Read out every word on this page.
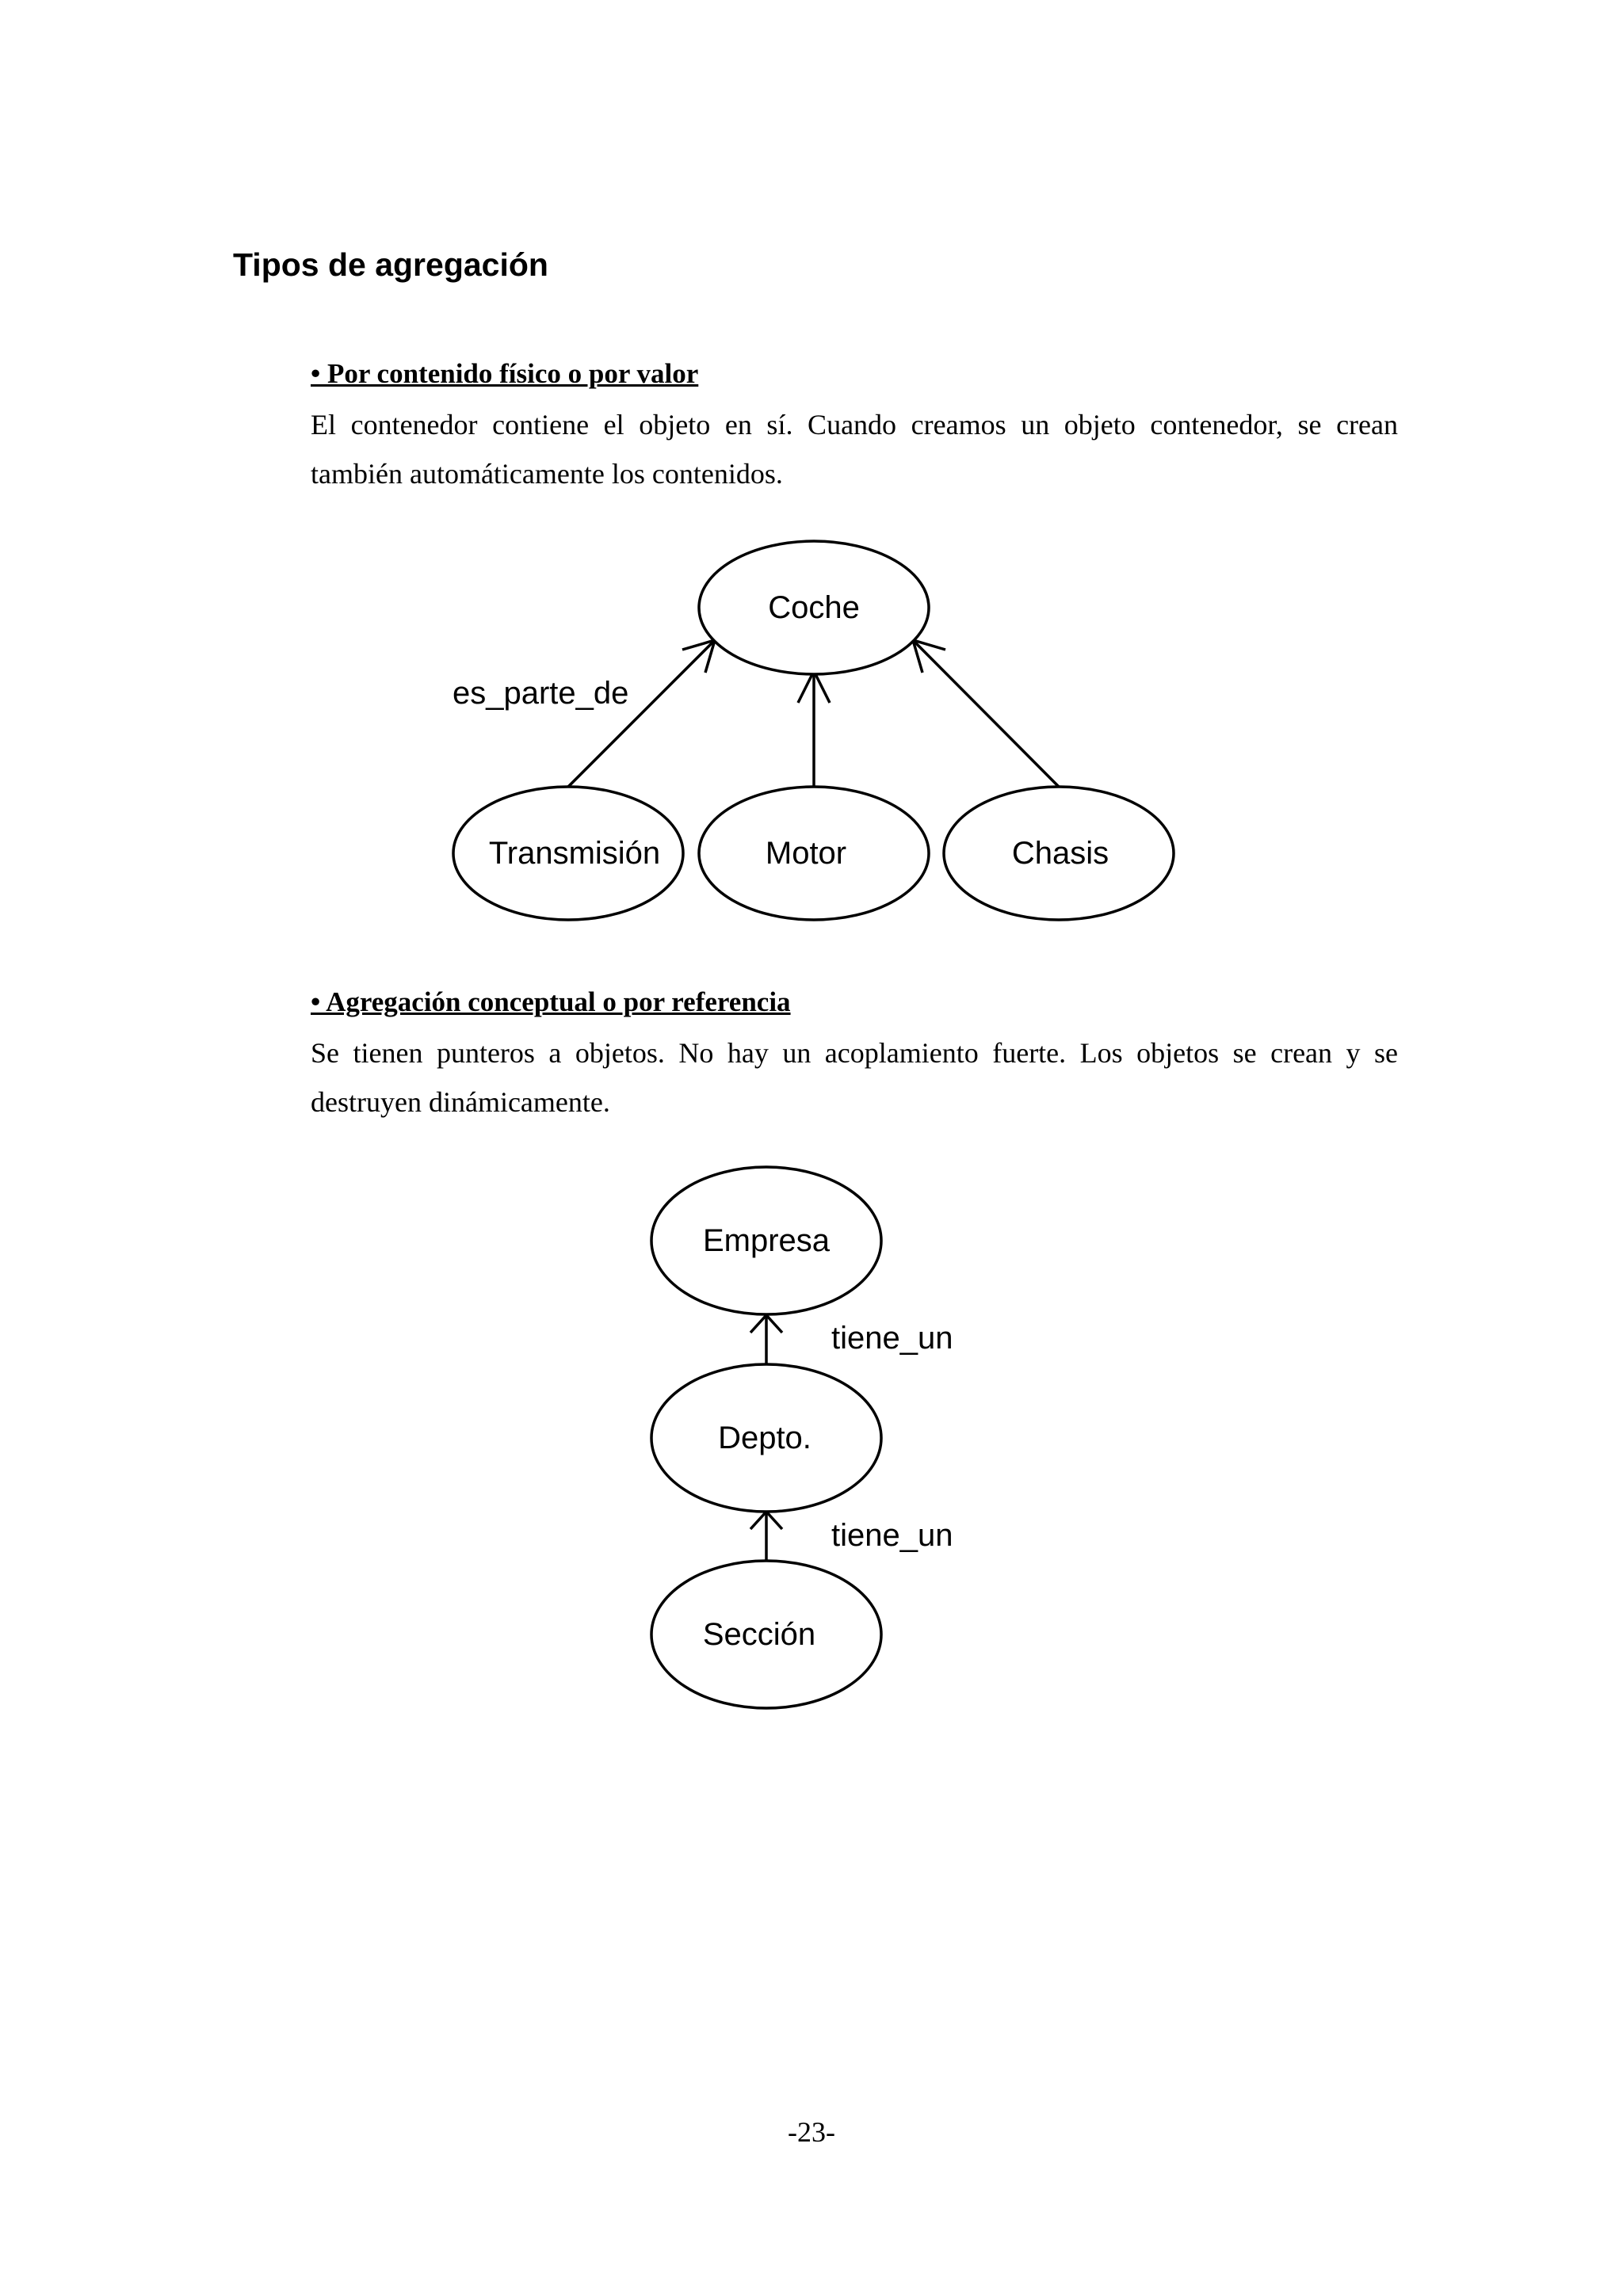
Tipos de agregación
• Por contenido físico o por valor

El contenedor contiene el objeto en sí. Cuando creamos un objeto contenedor, se crean también automáticamente los contenidos.

Coche
Transmisión	Motor	Chasis
es_parte_de
• Agregación conceptual o por referencia

Se tienen punteros a objetos. No hay un acoplamiento fuerte. Los objetos se crean y se destruyen dinámicamente.

Empresa
Depto.
Sección
tiene_un
tiene_un
-23-
